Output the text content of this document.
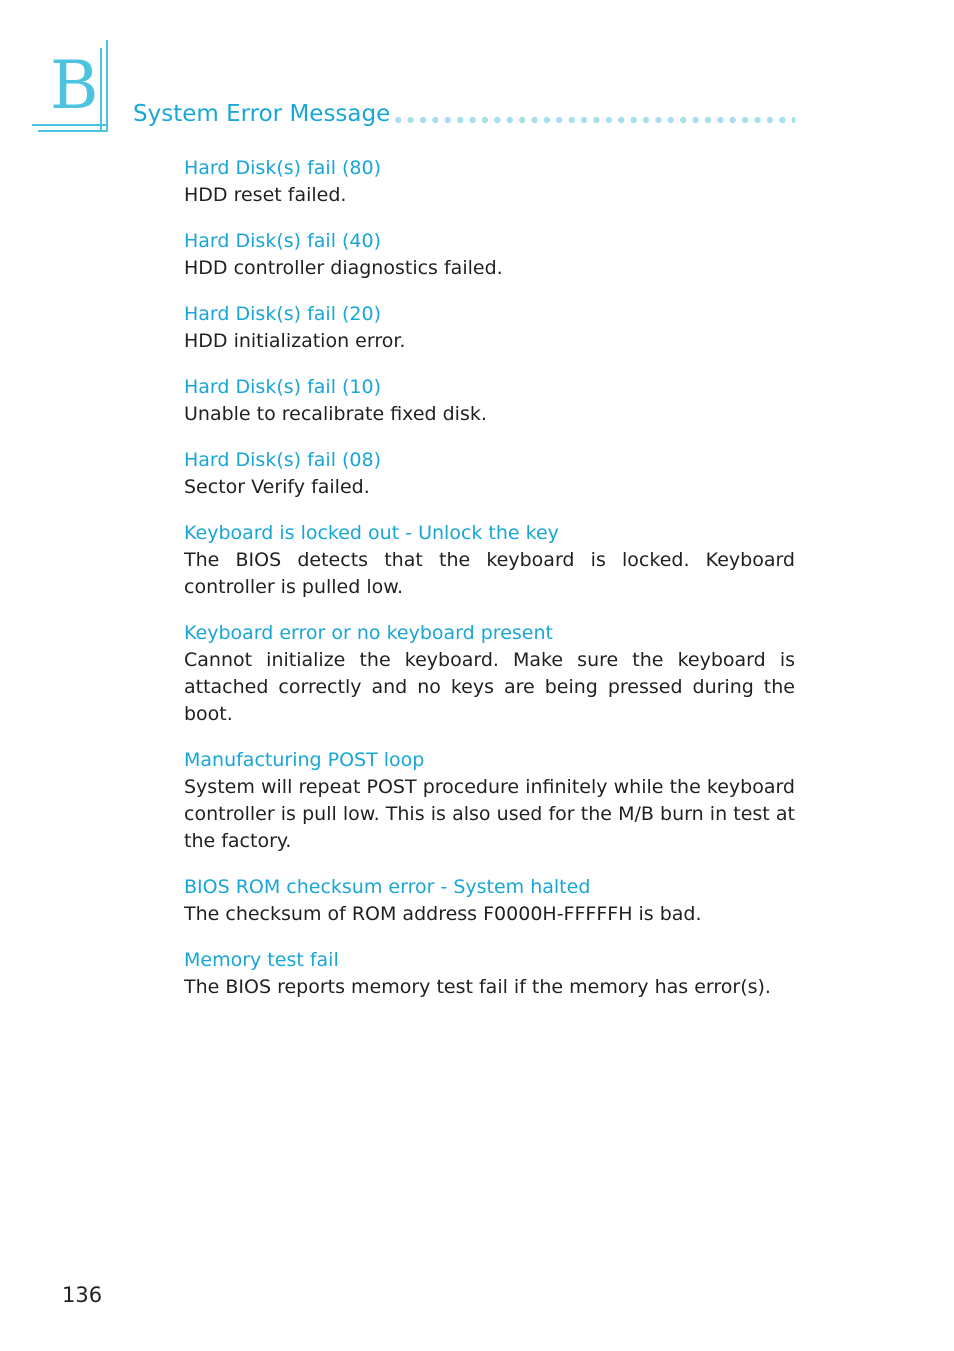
B System Error Message

Hard Disk(s) fail (80)

HDD reset failed.

Hard Disk(s) fail (40)

HDD controller diagnostics failed.

Hard Disk(s) fail (20)

HDD initialization error.

Hard Disk(s) fail (10)

Unable to recalibrate fixed disk.

Hard Disk(s) fail (08)

Sector Verify failed.

Keyboard is locked out - Unlock the key

The BIOS detects that the keyboard is locked. Keyboard controller is pulled low.

Keyboard error or no keyboard present

Cannot initialize the keyboard. Make sure the keyboard is attached correctly and no keys are being pressed during the boot.

Manufacturing POST loop

System will repeat POST procedure infinitely while the keyboard controller is pull low. This is also used for the M/B burn in test at the factory.

BIOS ROM checksum error - System halted

The checksum of ROM address F0000H-FFFFFH is bad.

Memory test fail

The BIOS reports memory test fail if the memory has error(s).

136
